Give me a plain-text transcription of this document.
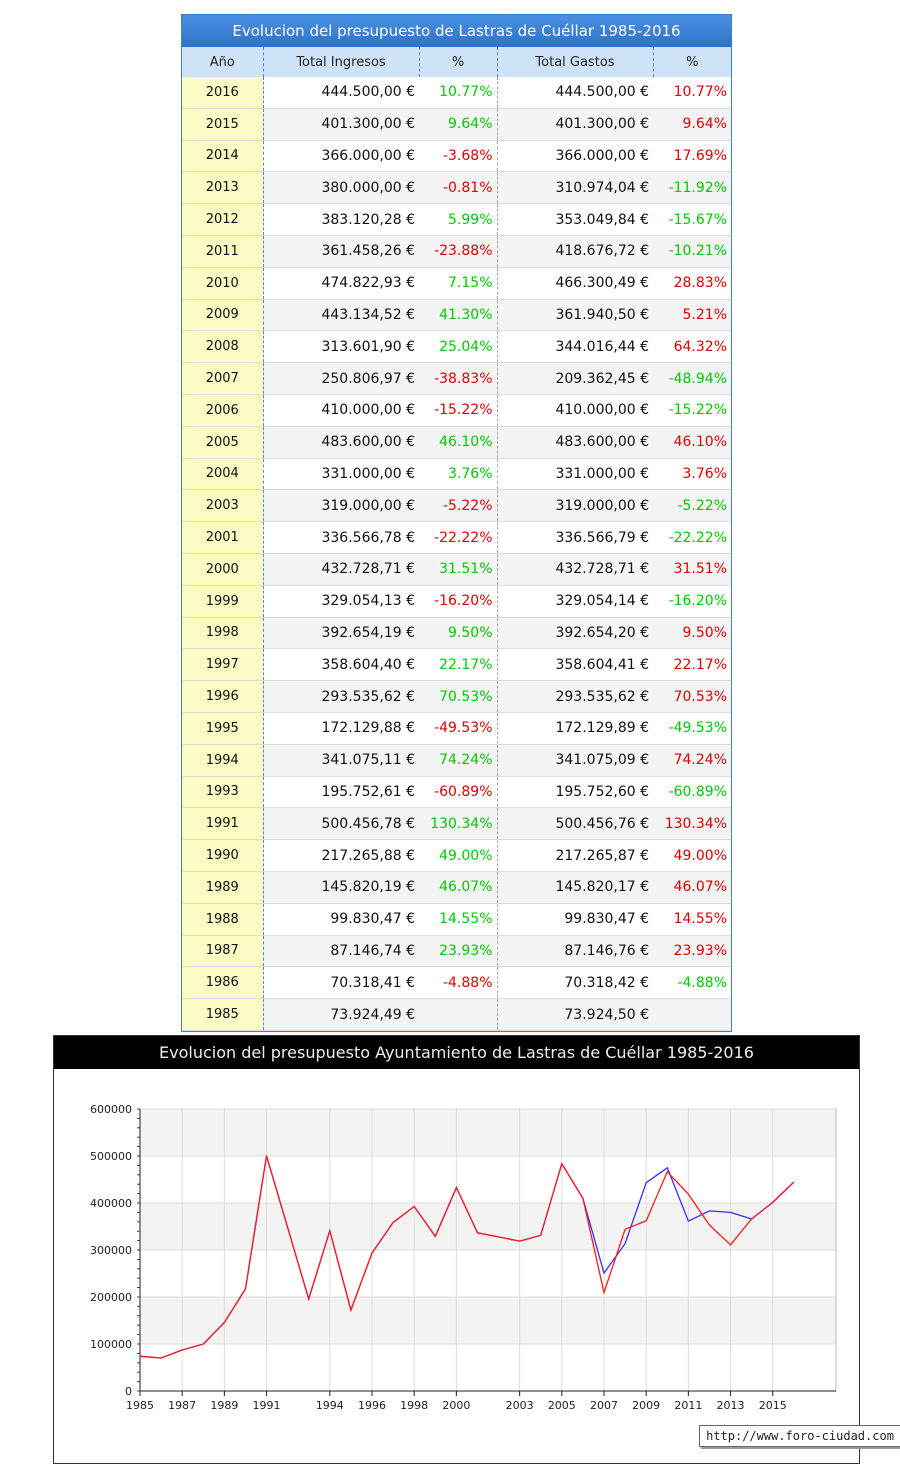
Evolucion del presupuesto de Lastras de Cuéllar 1985-2016
Año	Total Ingresos	%	Total Gastos	%
2016	444.500,00 €	10.77%	444.500,00 €	10.77%
2015	401.300,00 €	9.64%	401.300,00 €	9.64%
2014	366.000,00 €	-3.68%	366.000,00 €	17.69%
2013	380.000,00 €	-0.81%	310.974,04 €	-11.92%
2012	383.120,28 €	5.99%	353.049,84 €	-15.67%
2011	361.458,26 €	-23.88%	418.676,72 €	-10.21%
2010	474.822,93 €	7.15%	466.300,49 €	28.83%
2009	443.134,52 €	41.30%	361.940,50 €	5.21%
2008	313.601,90 €	25.04%	344.016,44 €	64.32%
2007	250.806,97 €	-38.83%	209.362,45 €	-48.94%
2006	410.000,00 €	-15.22%	410.000,00 €	-15.22%
2005	483.600,00 €	46.10%	483.600,00 €	46.10%
2004	331.000,00 €	3.76%	331.000,00 €	3.76%
2003	319.000,00 €	-5.22%	319.000,00 €	-5.22%
2001	336.566,78 €	-22.22%	336.566,79 €	-22.22%
2000	432.728,71 €	31.51%	432.728,71 €	31.51%
1999	329.054,13 €	-16.20%	329.054,14 €	-16.20%
1998	392.654,19 €	9.50%	392.654,20 €	9.50%
1997	358.604,40 €	22.17%	358.604,41 €	22.17%
1996	293.535,62 €	70.53%	293.535,62 €	70.53%
1995	172.129,88 €	-49.53%	172.129,89 €	-49.53%
1994	341.075,11 €	74.24%	341.075,09 €	74.24%
1993	195.752,61 €	-60.89%	195.752,60 €	-60.89%
1991	500.456,78 €	130.34%	500.456,76 €	130.34%
1990	217.265,88 €	49.00%	217.265,87 €	49.00%
1989	145.820,19 €	46.07%	145.820,17 €	46.07%
1988	99.830,47 €	14.55%	99.830,47 €	14.55%
1987	87.146,74 €	23.93%	87.146,76 €	23.93%
1986	70.318,41 €	-4.88%	70.318,42 €	-4.88%
1985	73.924,49 €		73.924,50 €	
Evolucion del presupuesto Ayuntamiento de Lastras de Cuéllar 1985-2016
0
100000
200000
300000
400000
500000
600000
1985 1987 1989 1991	1994 1996 1998 2000	2003 2005 2007 2009 2011 2013 2015
http://www.foro-ciudad.com
